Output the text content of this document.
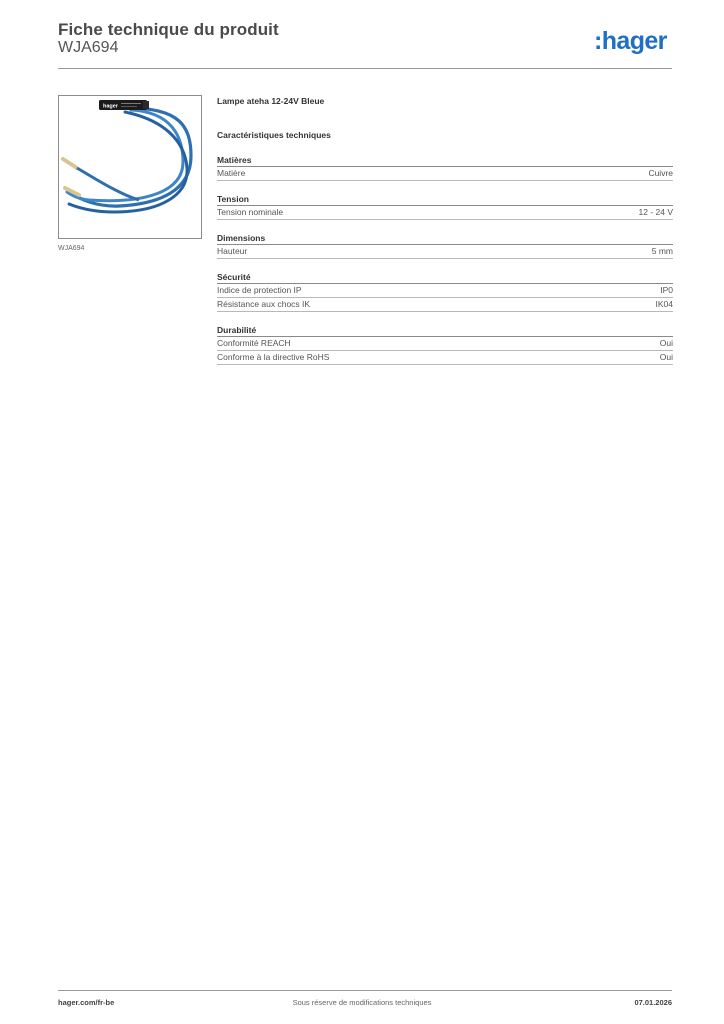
Fiche technique du produit
WJA694	:hager
hager
WJA694
Lampe ateha 12-24V Bleue
Caractéristiques techniques
Matières
Matière	Cuivre
Tension
Tension nominale	12 - 24 V
Dimensions
Hauteur	5 mm
Sécurité
Indice de protection IP	IP0
Résistance aux chocs IK	IK04
Durabilité
Conformité REACH	Oui
Conforme à la directive RoHS	Oui
hager.com/fr-be	Sous réserve de modifications techniques	07.01.2026
